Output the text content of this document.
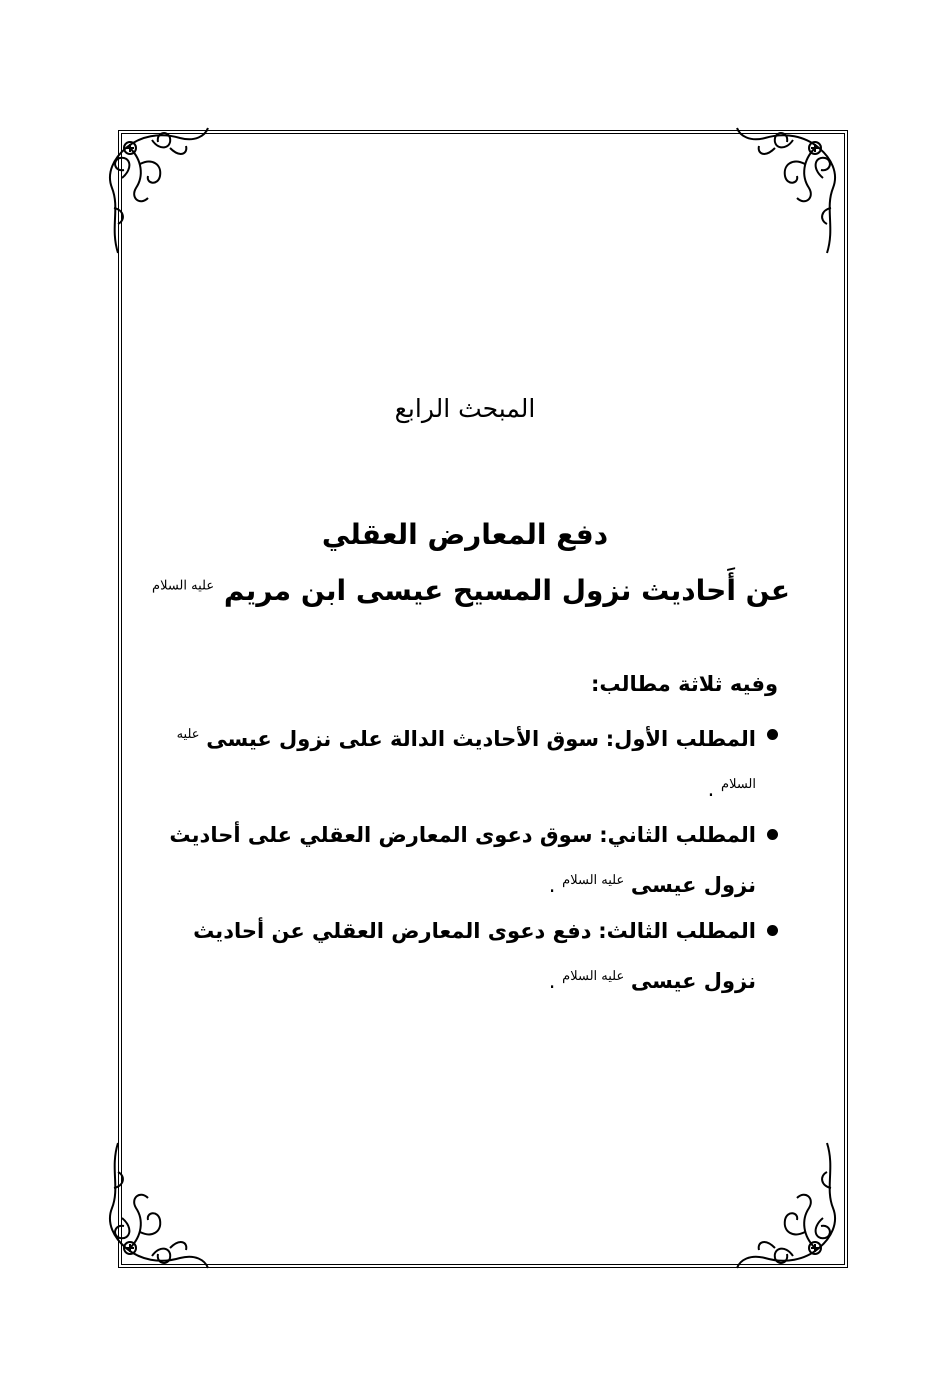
المبحث الرابع
دفع المعارض العقلي
عن أَحاديث نزول المسيح عيسى ابن مريم $^{عليه السلام}$
وفيه ثلاثة مطالب:
المطلب الأول: سوق الأحاديث الدالة على نزول عيسى $^{عليه السلام}$ .
المطلب الثاني: سوق دعوى المعارض العقلي على أحاديث نزول عيسى $^{عليه السلام}$ .
المطلب الثالث: دفع دعوى المعارض العقلي عن أحاديث نزول عيسى $^{عليه السلام}$ .
